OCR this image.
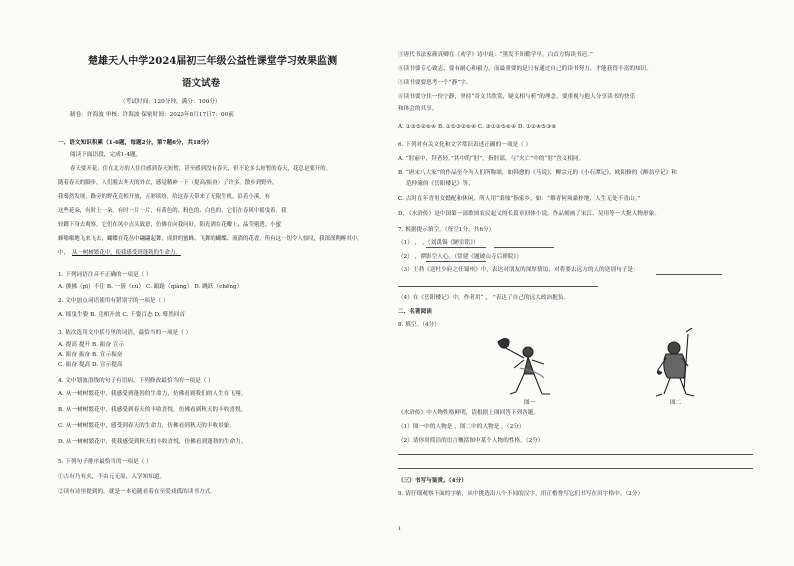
楚雄天人中学2024届初三年级公益性课堂学习效果监测
语文试卷
（考试时间：120分钟，满分：100分）
制卷：许海波 审核：许海波 保密时间：2023年8月17日7：00前
一、语文知识积累（1-6题，每题2分，第7题6分，共18分）
阅读下面语段，完成1-4题。
春天要开花。住在北方的人往往感到春天短暂，甚至感到没有春天，但不论多么短暂的春天，花总是要开的。
随着春天的脚步，人们脱去冬天的外衣，感觉精神一下（提高/振奋）了许多。散步到野外，
我蓦然发现，路旁的野花竞相开放，五彩缤纷，给这春天带来了无限生机。沿着小溪，有
这些花朵，有时上一朵，有时一片一片，有黄色的、粉色的、白色的，它们在春风中摇曳着，我
轻蹲下身去观察，它们在风中点头致意，仿佛在向我问好，阳光洒在花瓣上，晶莹剔透。小蜜
蜂嗡嗡地飞来飞去，蝴蝶在花丛中翩翩起舞，成群的蜜蜂、飞舞的蝴蝶、流淌的花香，所有这一切令人惊叹，我深深陶醉其中。
中， 从一树树繁花中，使我感受到蓬勃的生命力。
1. 下列词语注音不正确的一项是（ ）
A. 披拂（pī）不住 B. 一簇（cù） C. 踉跄（qiàng） D. 跳跃（chēng）
2. 文中加点词语使用有错别字的一项是（ ）
A. 摇曳生姿 B. 竞相开放 C. 千姿百态 D. 蓦然回首
3. 依次选用文中括号里的词语，最恰当的一项是（ ）
A. 提高 提升 B. 振奋 宣示
A. 振奋 振奋 B. 宣示振奋
C. 振奋 提高 D. 宣示提高
4. 文中划波浪线的句子有语病，下列修改最恰当的一项是（ ）
A. 从一树树繁花中，我感受到蓬勃的生命力，仿佛看到我们的人生在飞翔。
B. 从一树树繁花中，我感受到春天的丰收喜悦，仿佛看到秋天的丰收喜悦。
C. 从一树树繁花中，感受到春天的生命力，仿佛看到秋天的丰收景象。
D. 从一树树繁花中，使我感受到秋天的丰收喜悦，仿佛看到蓬勃的生命力。
5. 下列句子排序最恰当的一项是（ ）
①古有乃有火，不由元无原，入学知知道。
②读有诗里提到的，就是一本追随看着在至爱戏孤的读书方式。
③唐代书法家颜真卿在《劝学》诗中说：“黑发不知勤学早，白首方悔读书迟。”
④读书要专心致志，要有耐心和毅力，而最重要的是只有通过自己的读书努力，才能获得丰富的知识。
⑤读书要要思考一个“静”字。
⑥读书要守住一份宁静，坚持“奇文共欣赏，疑义相与析”的理念，要重视与他人分享读书的快乐
和体会的共享。
A. ①③⑤②⑥④ B. ①⑤③②⑥④ C. ③①②⑤⑥④ D. ①②④⑤③⑥
6. 下列对有关文化和文学常识表述正确的一项是（ ）
A. “肘前中，拜者轻。”其中的“肘”，指肘部，与“火亡”中的“肘”含义相同。
B. “唐宋八大家”的作品至今为人们所称颂，如韩愈的《马说》、柳宗元的《小石潭记》、欧阳修的《醉翁亭记》和
范仲淹的《岳阳楼记》等。
C. 古时在年青男女婚配和休闲，所人用“秉烛”指家乡，如：“烟青何须桑梓地，人生无处不青山。”
D. 《水浒传》是中国第一部歌颂农民起义的长篇章回体小说。作品刻画了宋江、吴用等一大批人物形象。
7. 根据提示填空。（每空1分，共6分）
（1） ， 。（刘禹锡《陋室铭》）
（2） ，潭影空人心。（常建《题破山寺后禅院》）
（3）王勃《送杜少府之任蜀州》中，表达对朋友的深厚情谊、对将要去远方的人的送别句子是：
（4）在《岳阳楼记》中，作者用“ ， ”表达了自己的远大政治抱负。
二、名著阅读
8. 填空。（4分）
图一	图二
《水浒传》中人物性格鲜明，请根据上图回答下列各题。
（1）图一中的人物是 ，图二中的人物是 。（2分）
（2）请你用简洁的语言概括图中某个人物的性格。（2分）
（三）书写与鉴赏。（4分）
9. 请仔细观察下面的字帖，从中挑选出八个不同的汉字，用正楷誊写它们书写在田字格中。（2分）
1
